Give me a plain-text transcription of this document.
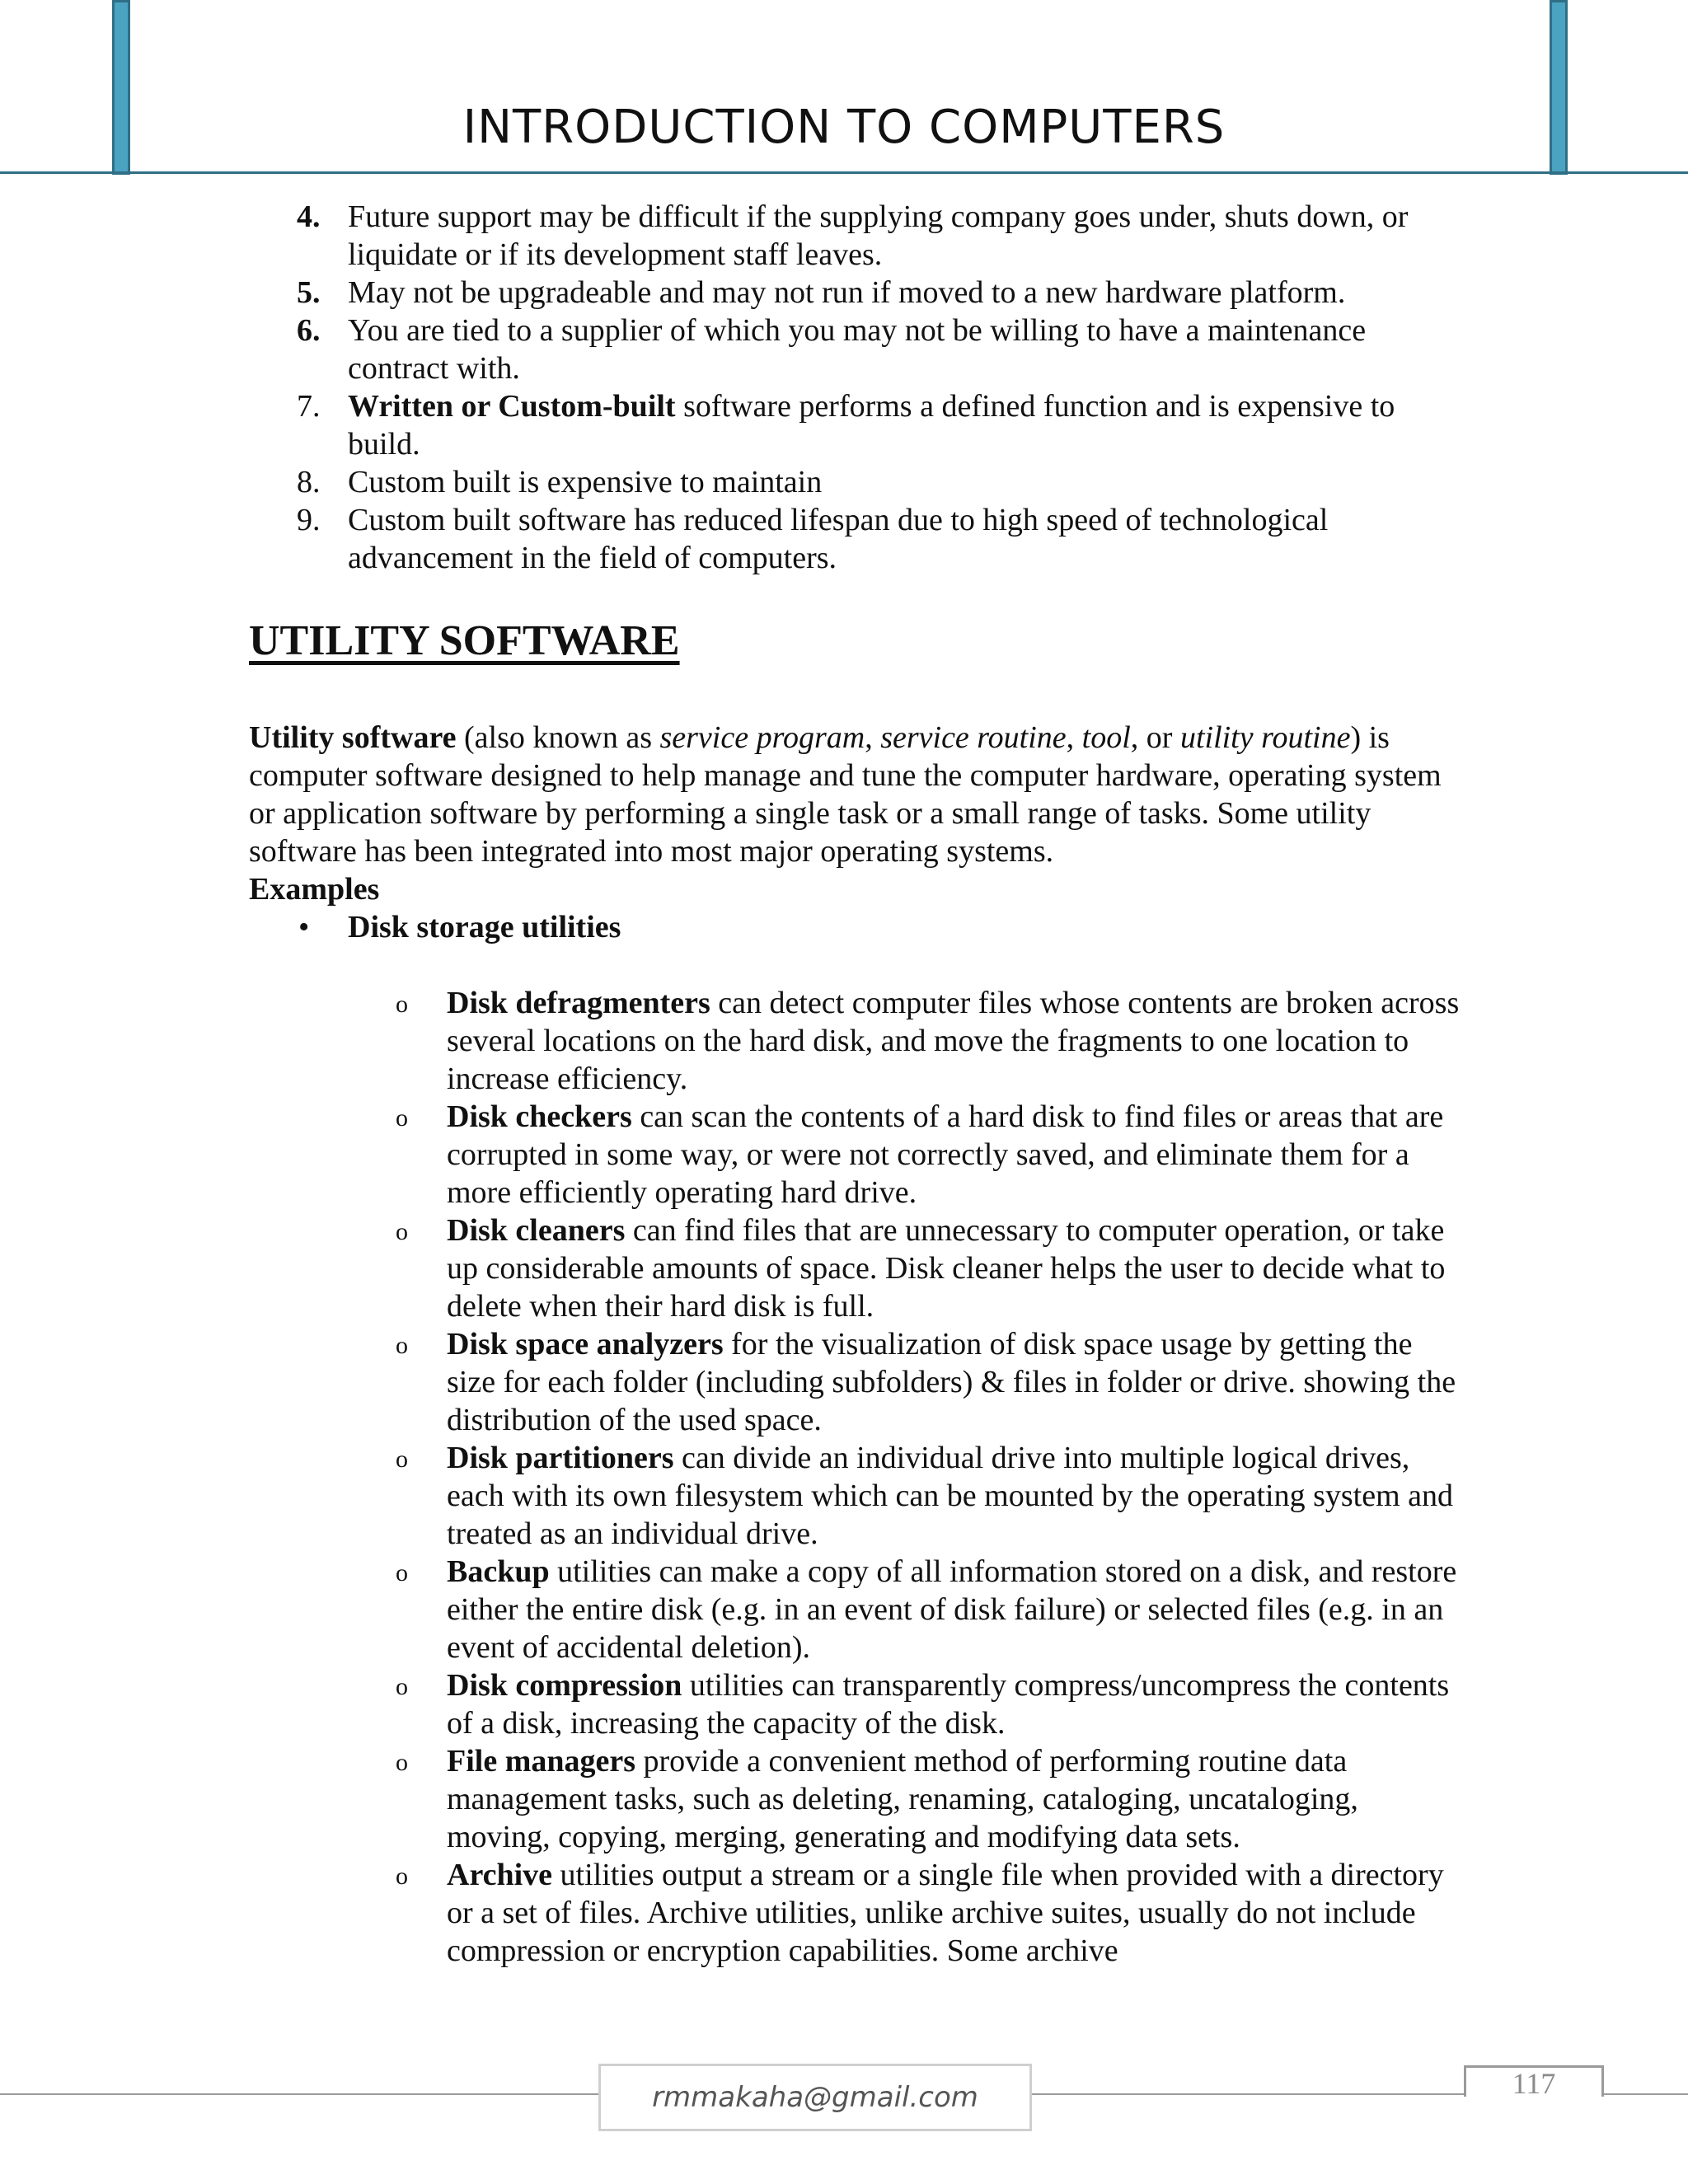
INTRODUCTION TO COMPUTERS
4. Future support may be difficult if the supplying company goes under, shuts down, or liquidate or if its development staff leaves.
5. May not be upgradeable and may not run if moved to a new hardware platform.
6. You are tied to a supplier of which you may not be willing to have a maintenance contract with.
7. Written or Custom-built software performs a defined function and is expensive to build.
8. Custom built is expensive to maintain
9. Custom built software has reduced lifespan due to high speed of technological advancement in the field of computers.
UTILITY SOFTWARE

Utility software (also known as service program, service routine, tool, or utility routine) is computer software designed to help manage and tune the computer hardware, operating system or application software by performing a single task or a small range of tasks. Some utility software has been integrated into most major operating systems.

Examples
• Disk storage utilities
o Disk defragmenters can detect computer files whose contents are broken across several locations on the hard disk, and move the fragments to one location to increase efficiency.
o Disk checkers can scan the contents of a hard disk to find files or areas that are corrupted in some way, or were not correctly saved, and eliminate them for a more efficiently operating hard drive.
o Disk cleaners can find files that are unnecessary to computer operation, or take up considerable amounts of space. Disk cleaner helps the user to decide what to delete when their hard disk is full.
o Disk space analyzers for the visualization of disk space usage by getting the size for each folder (including subfolders) & files in folder or drive. showing the distribution of the used space.
o Disk partitioners can divide an individual drive into multiple logical drives, each with its own filesystem which can be mounted by the operating system and treated as an individual drive.
o Backup utilities can make a copy of all information stored on a disk, and restore either the entire disk (e.g. in an event of disk failure) or selected files (e.g. in an event of accidental deletion).
o Disk compression utilities can transparently compress/uncompress the contents of a disk, increasing the capacity of the disk.
o File managers provide a convenient method of performing routine data management tasks, such as deleting, renaming, cataloging, uncataloging, moving, copying, merging, generating and modifying data sets.
o Archive utilities output a stream or a single file when provided with a directory or a set of files. Archive utilities, unlike archive suites, usually do not include compression or encryption capabilities. Some archive
rmmakaha@gmail.com	117
